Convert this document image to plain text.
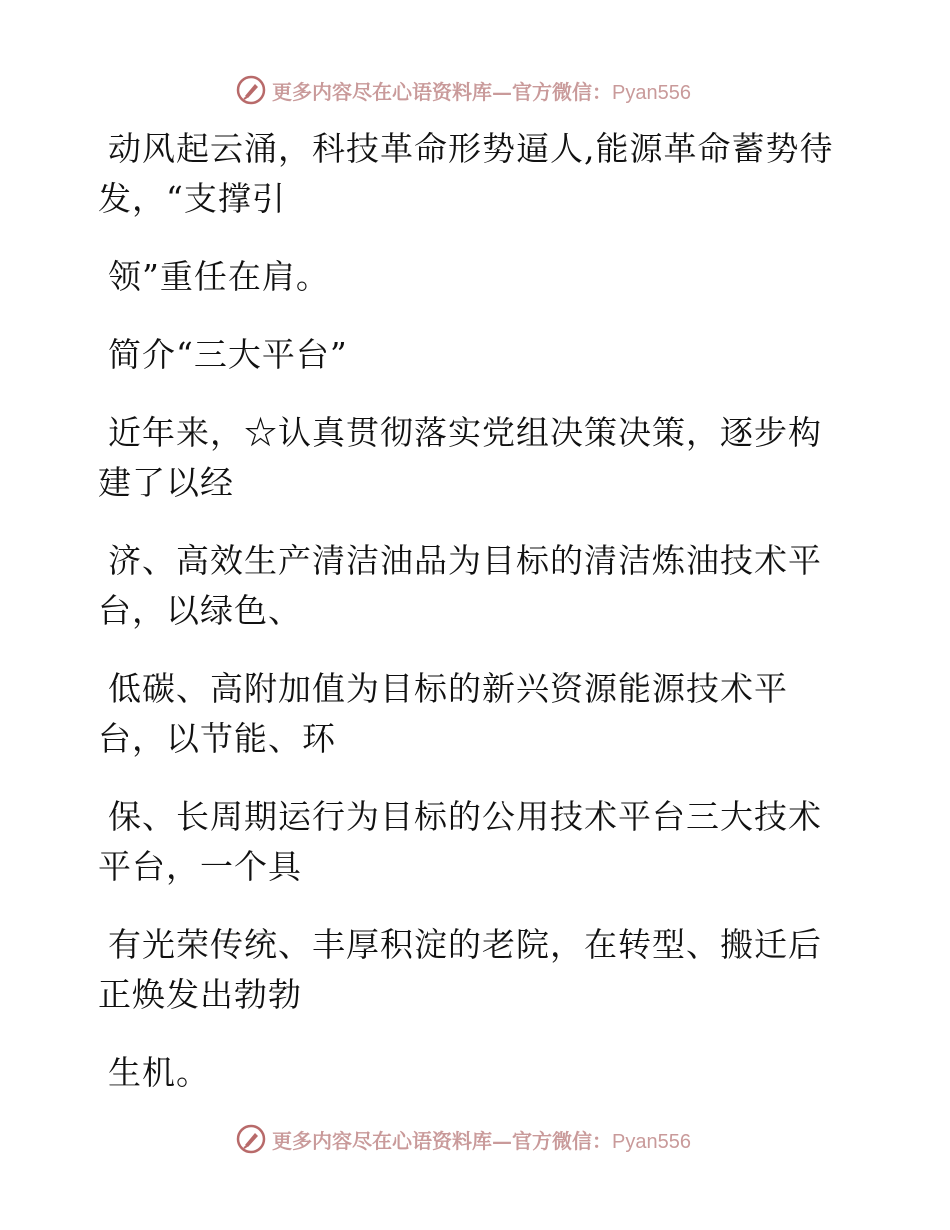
更多内容尽在心语资料库—官方微信：Pyan556

动风起云涌，科技革命形势逼人,能源革命蓄势待
发，“支撑引

领”重任在肩。

简介“三大平台”

近年来，☆认真贯彻落实党组决策决策，逐步构
建了以经

济、高效生产清洁油品为目标的清洁炼油技术平
台，以绿色、

低碳、高附加值为目标的新兴资源能源技术平
台，以节能、环

保、长周期运行为目标的公用技术平台三大技术
平台，一个具

有光荣传统、丰厚积淀的老院，在转型、搬迁后
正焕发出勃勃

生机。

更多内容尽在心语资料库—官方微信：Pyan556
